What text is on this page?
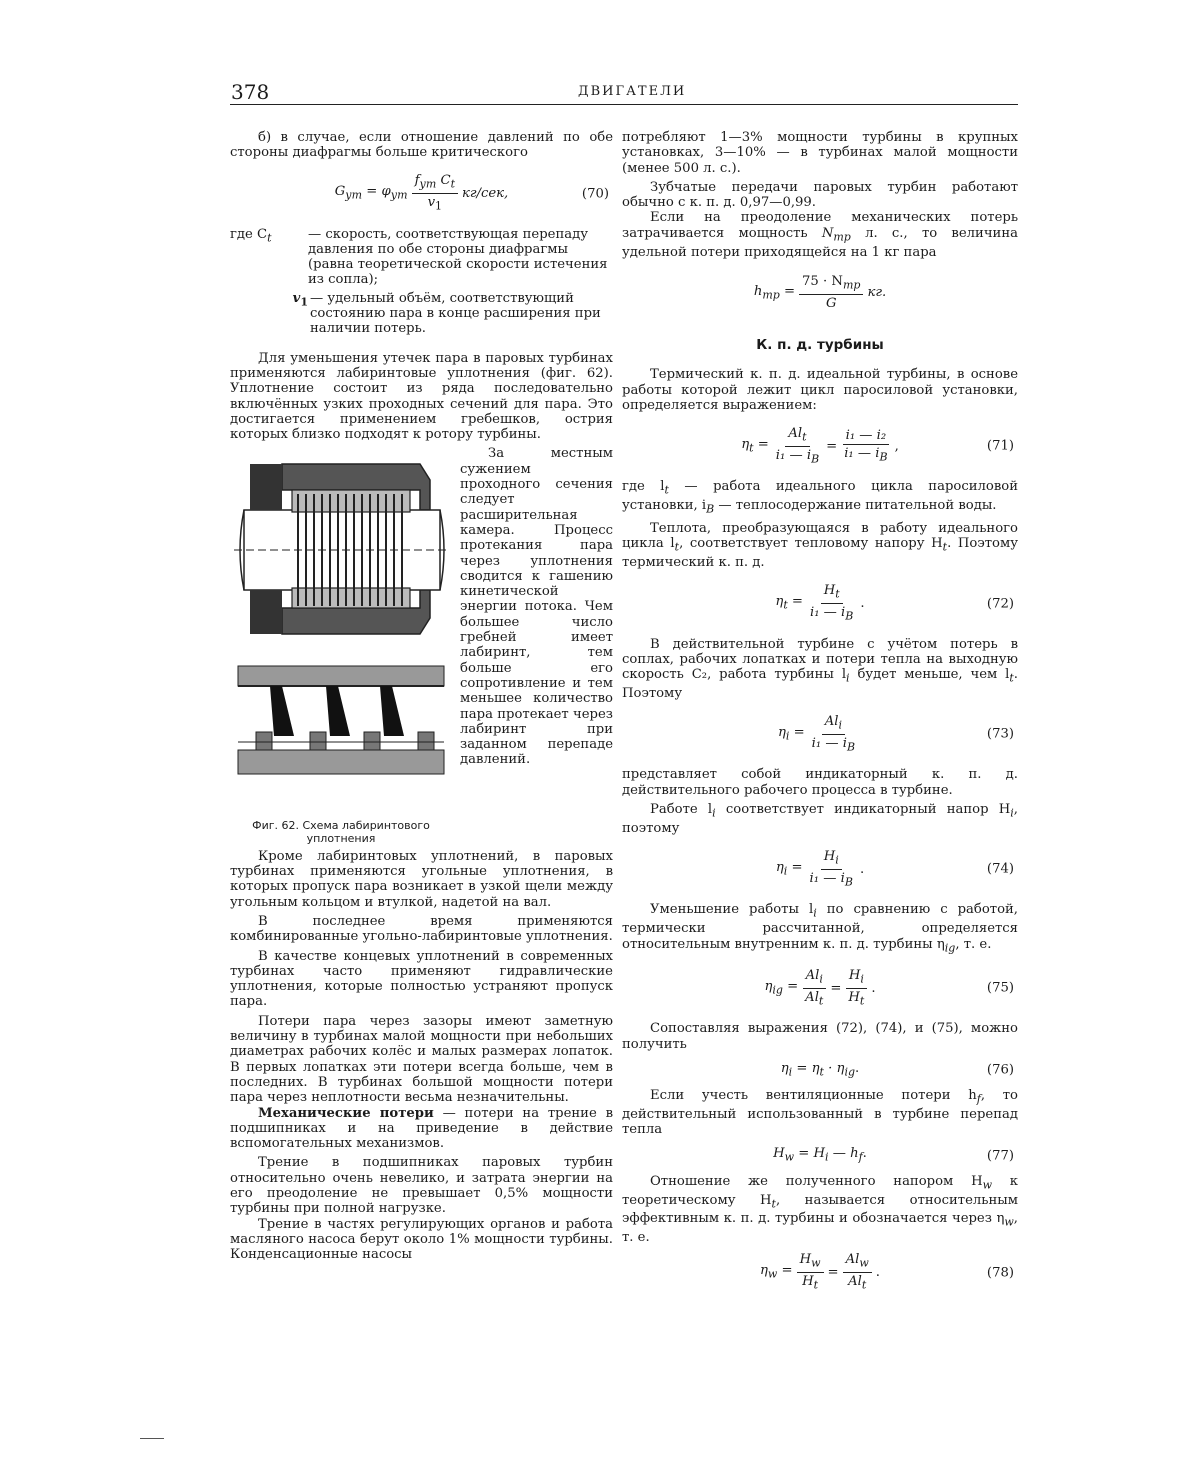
378	ДВИГАТЕЛИ

б) в случае, если отношение давлений по обе стороны диафрагмы больше критического

$G_{ут} = \varphi_{ут} \frac{f_{ут} C_t}{v_1} кг/сек$,	(70)
где $C_t$	— скорость, соответствующая перепаду давления по обе стороны диафрагмы (равна теоретической скорости истечения из сопла);
$v_1$ — удельный объём, соответствующий состоянию пара в конце расширения при наличии потерь.

Для уменьшения утечек пара в паровых турбинах применяются лабиринтовые уплотнения (фиг. 62). Уплотнение состоит из ряда последовательно включённых узких проходных сечений для пара. Это достигается применением гребешков, острия которых близко подходят к ротору турбины.

Фиг. 62. Схема лабиринтового уплотнения

За местным сужением проходного сечения следует расширительная камера. Процесс протекания пара через уплотнения сводится к гашению кинетической энергии потока. Чем большее число гребней имеет лабиринт, тем больше его сопротивление и тем меньшее количество пара протекает через лабиринт при заданном перепаде давлений.

Кроме лабиринтовых уплотнений, в паровых турбинах применяются угольные уплотнения, в которых пропуск пара возникает в узкой щели между угольным кольцом и втулкой, надетой на вал.

В последнее время применяются комбинированные угольно-лабиринтовые уплотнения.

В качестве концевых уплотнений в современных турбинах часто применяют гидравлические уплотнения, которые полностью устраняют пропуск пара.

Потери пара через зазоры имеют заметную величину в турбинах малой мощности при небольших диаметрах рабочих колёс и малых размерах лопаток. В первых лопатках эти потери всегда больше, чем в последних. В турбинах большой мощности потери пара через неплотности весьма незначительны.

Механические потери — потери на трение в подшипниках и на приведение в действие вспомогательных механизмов.

Трение в подшипниках паровых турбин относительно очень невелико, и затрата энергии на его преодоление не превышает 0,5% мощности турбины при полной нагрузке.

Трение в частях регулирующих органов и работа масляного насоса берут около 1% мощности турбины. Конденсационные насосы

потребляют 1—3% мощности турбины в крупных установках, 3—10% — в турбинах малой мощности (менее 500 л. с.).

Зубчатые передачи паровых турбин работают обычно с к. п. д. 0,97—0,99.

Если на преодоление механических потерь затрачивается мощность $N_{тр}$ л. с., то величина удельной потери приходящейся на 1 кг пара

$h_{тр} = \frac{75 \cdot N_{тр}}{G}$ кг.
К. п. д. турбины

Термический к. п. д. идеальной турбины, в основе работы которой лежит цикл паросиловой установки, определяется выражением:

$\eta_t = \frac{Al_t}{i_1 — i_B} = \frac{\text{i₁ — i₂}}{i_1 — i_B}$ ,	(71)

где $l_t$ — работа идеального цикла паросиловой установки, $i_B$ — теплосодержание питательной воды.

Теплота, преобразующаяся в работу идеального цикла $l_t$, соответствует тепловому напору $H_t$. Поэтому термический к. п. д.

$\eta_t = \frac{H_t}{i_1 — i_B}$ .	(72)

В действительной турбине с учётом потерь в соплах, рабочих лопатках и потери тепла на выходную скорость C₂, работа турбины $l_i$ будет меньше, чем $l_t$. Поэтому

$\eta_i = \frac{Al_i}{i_1 — i_B}$	(73)

представляет собой индикаторный к. п. д. действительного рабочего процесса в турбине.

Работе $l_i$ соответствует индикаторный напор $H_i$, поэтому

$\eta_i = \frac{H_i}{i_1 — i_B}$ .	(74)

Уменьшение работы $l_i$ по сравнению с работой, термически рассчитанной, определяется относительным внутренним к. п. д. турбины $\eta_{ig}$, т. е.

$\eta_{ig} = \frac{Al_i}{Al_t} = \frac{H_i}{H_t}$ .	(75)

Сопоставляя выражения (72), (74), и (75), можно получить

$\eta_i = \eta_t \cdot \eta_{ig}$.	(76)

Если учесть вентиляционные потери $h_f$, то действительный использованный в турбине перепад тепла

$H_w = H_i$ — $h_f$.	(77)

Отношение же полученного напором $H_w$ к теоретическому $H_t$, называется относительным эффективным к. п. д. турбины и обозначается через $\eta_w$, т. е.

$\eta_w = \frac{H_w}{H_t} = \frac{Al_w}{Al_t}$ .	(78)
